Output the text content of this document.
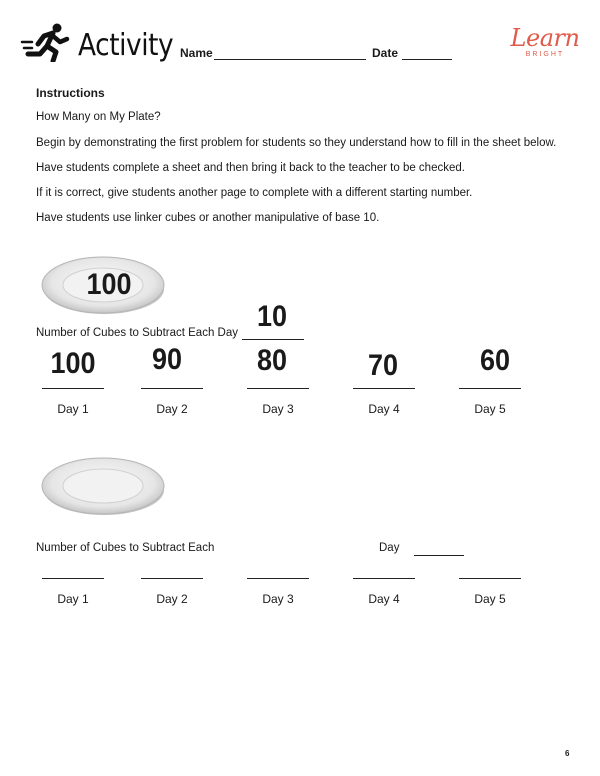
Activity Name	Date
Learn
BRIGHT
Instructions
How Many on My Plate?
Begin by demonstrating the first problem for students so they understand how to fill in the sheet below.
Have students complete a sheet and then bring it back to the teacher to be checked.
If it is correct, give students another page to complete with a different starting number.
Have students use linker cubes or another manipulative of base 10.
100
Number of Cubes to Subtract Each Day 10
100	90	80	70	60
Day 1	Day 2	Day 3	Day 4	Day 5
Number of Cubes to Subtract Each	Day
Day 1	Day 2	Day 3	Day 4	Day 5
6
